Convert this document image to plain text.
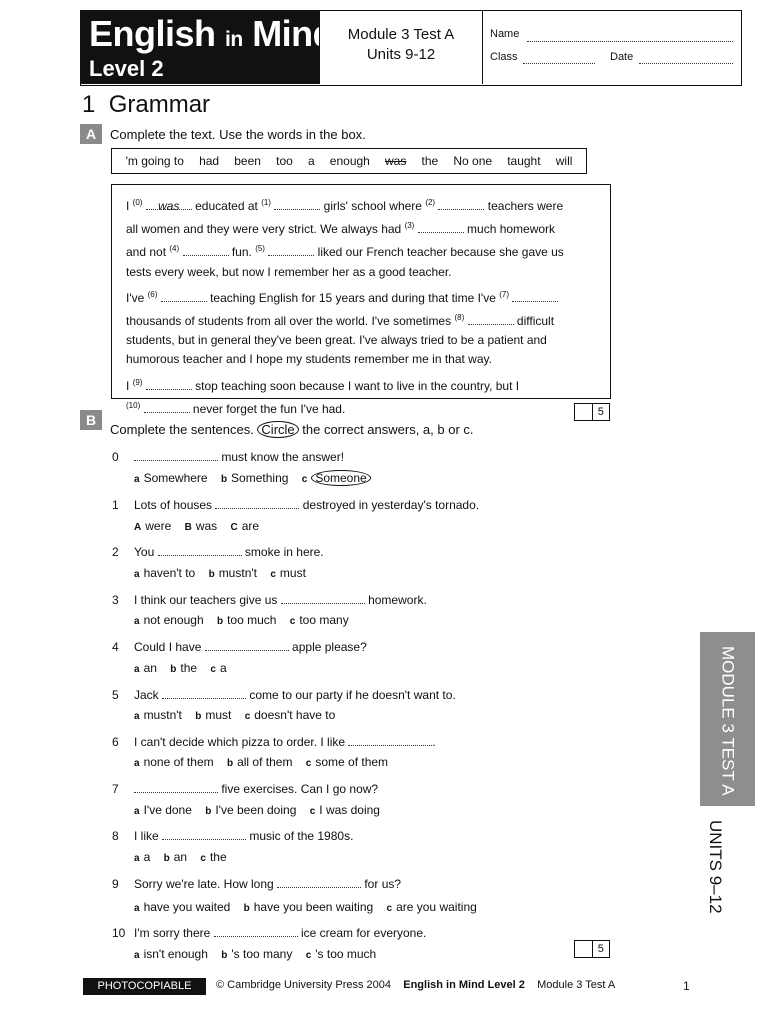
English in Mind
Level 2
Module 3 Test A
Units 9-12
Name
Class	Date
1 Grammar
A	Complete the text. Use the words in the box.
'm going to had been too a enough was the No one taught will
I $^{(0)}$ was educated at $^{(1)}$	girls' school where $^{(2)}$	teachers were
all women and they were very strict. We always had $^{(3)}$	much homework
and not $^{(4)}$	fun. $^{(5)}$	liked our French teacher because she gave us
tests every week, but now I remember her as a good teacher.
I've $^{(6)}$	teaching English for 15 years and during that time I've $^{(7)}$
thousands of students from all over the world. I've sometimes $^{(8)}$	difficult
students, but in general they've been great. I've always tried to be a patient and
humorous teacher and I hope my students remember me in that way.
I $^{(9)}$	stop teaching soon because I want to live in the country, but I
$^{(10)}$	never forget the fun I've had.	5
B
Complete the sentences. Circle the correct answers, a, b or c.
0	must know the answer!
a Somewhere b Something c Someone
1 Lots of houses	destroyed in yesterday's tornado.
A were B was C are
2 You	smoke in here.
a haven't to b mustn't c must
3 I think our teachers give us	homework.
a not enough b too much c too many
4 Could I have	apple please?
a an b the c a
5 Jack	come to our party if he doesn't want to.
a mustn't b must c doesn't have to
6 I can't decide which pizza to order. I like	.
a none of them b all of them c some of them
7	five exercises. Can I go now?
a I've done b I've been doing c I was doing
8 I like	music of the 1980s.
a a b an c the
9 Sorry we're late. How long	for us?
a have you waited b have you been waiting c are you waiting
10 I'm sorry there	ice cream for everyone.
a isn't enough b 's too many c 's too much	5
MODULE 3 TEST A
UNITS 9–12
PHOTOCOPIABLE	© Cambridge University Press 2004 English in Mind Level 2 Module 3 Test A	1
